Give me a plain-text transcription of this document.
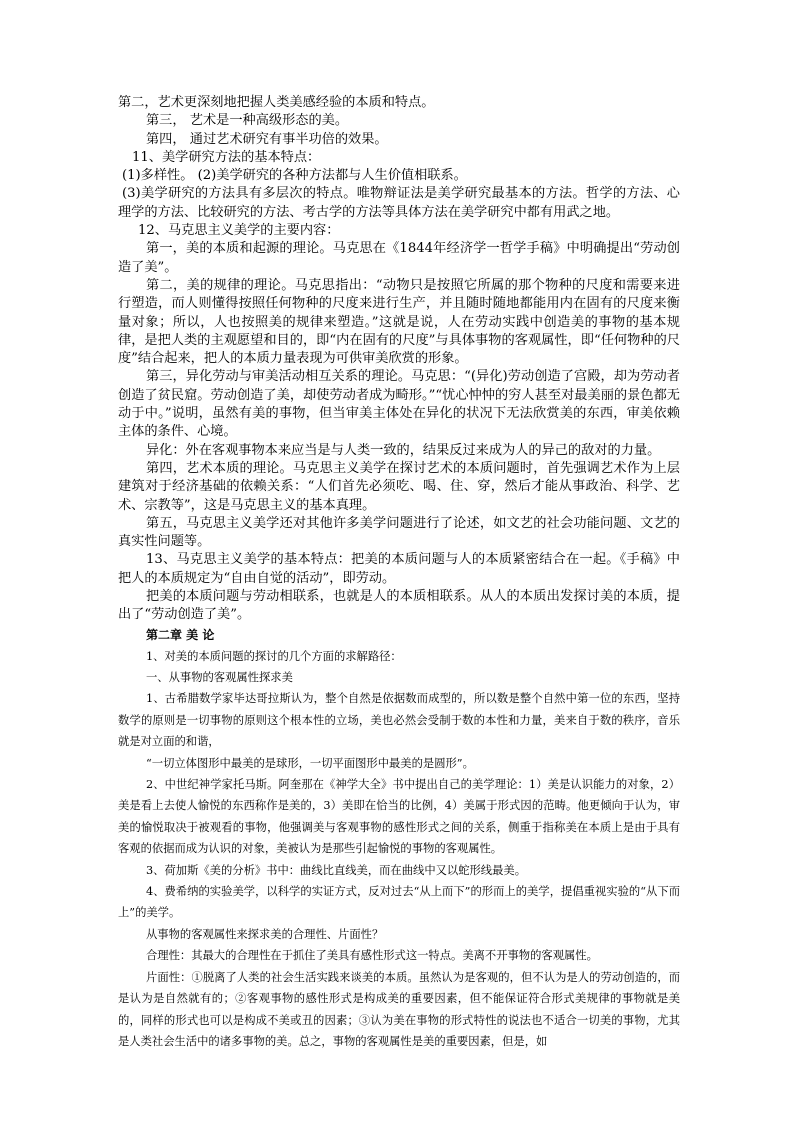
第二，艺术更深刻地把握人类美感经验的本质和特点。

第三， 艺术是一种高级形态的美。

第四， 通过艺术研究有事半功倍的效果。

11、美学研究方法的基本特点：

(1)多样性。 (2)美学研究的各种方法都与人生价值相联系。

(3)美学研究的方法具有多层次的特点。唯物辩证法是美学研究最基本的方法。哲学的方法、心理学的方法、比较研究的方法、考古学的方法等具体方法在美学研究中都有用武之地。

12、马克思主义美学的主要内容：

第一，美的本质和起源的理论。马克思在《1844年经济学一哲学手稿》中明确提出“劳动创造了美”。

第二，美的规律的理论。马克思指出：“动物只是按照它所属的那个物种的尺度和需要来进行塑造，而人则懂得按照任何物种的尺度来进行生产，并且随时随地都能用内在固有的尺度来衡量对象；所以，人也按照美的规律来塑造。”这就是说，人在劳动实践中创造美的事物的基本规律，是把人类的主观愿望和目的，即“内在固有的尺度”与具体事物的客观属性，即“任何物种的尺度”结合起来，把人的本质力量表现为可供审美欣赏的形象。

第三，异化劳动与审美活动相互关系的理论。马克思：“(异化)劳动创造了宫殿，却为劳动者创造了贫民窟。劳动创造了美，却使劳动者成为畸形。”“忧心忡忡的穷人甚至对最美丽的景色都无动于中。”说明，虽然有美的事物，但当审美主体处在异化的状况下无法欣赏美的东西，审美依赖主体的条件、心境。

异化：外在客观事物本来应当是与人类一致的，结果反过来成为人的异己的敌对的力量。

第四，艺术本质的理论。马克思主义美学在探讨艺术的本质问题时，首先强调艺术作为上层建筑对于经济基础的依赖关系：“人们首先必须吃、喝、住、穿，然后才能从事政治、科学、艺术、宗教等”，这是马克思主义的基本真理。

第五，马克思主义美学还对其他许多美学问题进行了论述，如文艺的社会功能问题、文艺的真实性问题等。

13、马克思主义美学的基本特点：把美的本质问题与人的本质紧密结合在一起。《手稿》中把人的本质规定为“自由自觉的活动”，即劳动。

把美的本质问题与劳动相联系，也就是人的本质相联系。从人的本质出发探讨美的本质，提出了“劳动创造了美”。

第二章 美 论

1、对美的本质问题的探讨的几个方面的求解路径：

一、从事物的客观属性探求美

1、古希腊数学家毕达哥拉斯认为，整个自然是依据数而成型的，所以数是整个自然中第一位的东西，坚持数学的原则是一切事物的原则这个根本性的立场，美也必然会受制于数的本性和力量，美来自于数的秩序，音乐就是对立面的和谐，

“一切立体图形中最美的是球形，一切平面图形中最美的是圆形”。

2、中世纪神学家托马斯。阿奎那在《神学大全》书中提出自己的美学理论：1）美是认识能力的对象，2）美是看上去使人愉悦的东西称作是美的，3）美即在恰当的比例，4）美属于形式因的范畴。他更倾向于认为，审美的愉悦取决于被观看的事物，他强调美与客观事物的感性形式之间的关系，侧重于指称美在本质上是由于具有客观的依据而成为认识的对象，美被认为是那些引起愉悦的事物的客观属性。

3、荷加斯《美的分析》书中：曲线比直线美，而在曲线中又以蛇形线最美。

4、费希纳的实验美学，以科学的实证方式，反对过去“从上而下”的形而上的美学，提倡重视实验的“从下而上”的美学。

从事物的客观属性来探求美的合理性、片面性？

合理性：其最大的合理性在于抓住了美具有感性形式这一特点。美离不开事物的客观属性。

片面性：①脱离了人类的社会生活实践来谈美的本质。虽然认为是客观的，但不认为是人的劳动创造的，而是认为是自然就有的；②客观事物的感性形式是构成美的重要因素，但不能保证符合形式美规律的事物就是美的，同样的形式也可以是构成不美或丑的因素；③认为美在事物的形式特性的说法也不适合一切美的事物，尤其是人类社会生活中的诸多事物的美。总之，事物的客观属性是美的重要因素，但是，如
